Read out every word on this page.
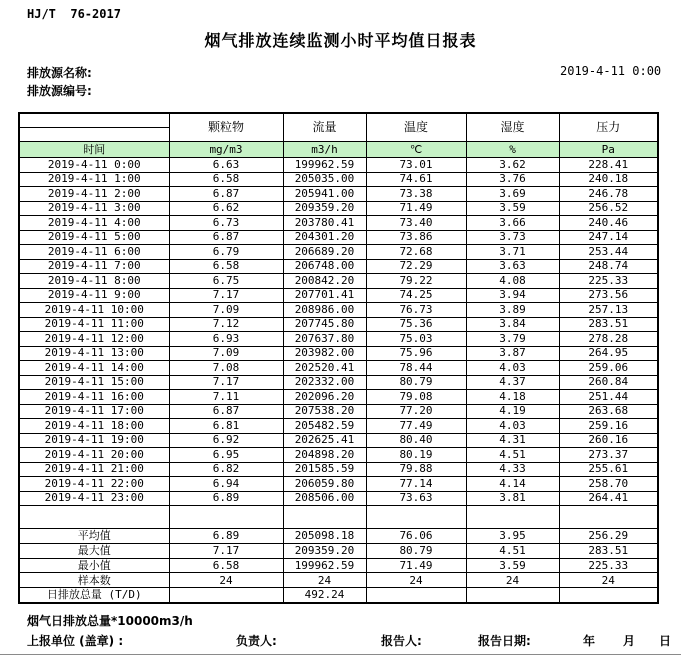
HJ/T  76-2017
烟气排放连续监测小时平均值日报表
排放源名称:	2019-4-11 0:00
排放源编号:
	颗粒物	流量	温度	湿度	压力

时间	mg/m3	m3/h	℃	%	Pa
2019-4-11 0:00	6.63	199962.59	73.01	3.62	228.41
2019-4-11 1:00	6.58	205035.00	74.61	3.76	240.18
2019-4-11 2:00	6.87	205941.00	73.38	3.69	246.78
2019-4-11 3:00	6.62	209359.20	71.49	3.59	256.52
2019-4-11 4:00	6.73	203780.41	73.40	3.66	240.46
2019-4-11 5:00	6.87	204301.20	73.86	3.73	247.14
2019-4-11 6:00	6.79	206689.20	72.68	3.71	253.44
2019-4-11 7:00	6.58	206748.00	72.29	3.63	248.74
2019-4-11 8:00	6.75	200842.20	79.22	4.08	225.33
2019-4-11 9:00	7.17	207701.41	74.25	3.94	273.56
2019-4-11 10:00	7.09	208986.00	76.73	3.89	257.13
2019-4-11 11:00	7.12	207745.80	75.36	3.84	283.51
2019-4-11 12:00	6.93	207637.80	75.03	3.79	278.28
2019-4-11 13:00	7.09	203982.00	75.96	3.87	264.95
2019-4-11 14:00	7.08	202520.41	78.44	4.03	259.06
2019-4-11 15:00	7.17	202332.00	80.79	4.37	260.84
2019-4-11 16:00	7.11	202096.20	79.08	4.18	251.44
2019-4-11 17:00	6.87	207538.20	77.20	4.19	263.68
2019-4-11 18:00	6.81	205482.59	77.49	4.03	259.16
2019-4-11 19:00	6.92	202625.41	80.40	4.31	260.16
2019-4-11 20:00	6.95	204898.20	80.19	4.51	273.37
2019-4-11 21:00	6.82	201585.59	79.88	4.33	255.61
2019-4-11 22:00	6.94	206059.80	77.14	4.14	258.70
2019-4-11 23:00	6.89	208506.00	73.63	3.81	264.41

平均值	6.89	205098.18	76.06	3.95	256.29
最大值	7.17	209359.20	80.79	4.51	283.51
最小值	6.58	199962.59	71.49	3.59	225.33
样本数	24	24	24	24	24
日排放总量 (T/D)		492.24			
烟气日排放总量*10000m3/h
上报单位 (盖章) :	负责人:	报告人:	报告日期:	年 月 日
